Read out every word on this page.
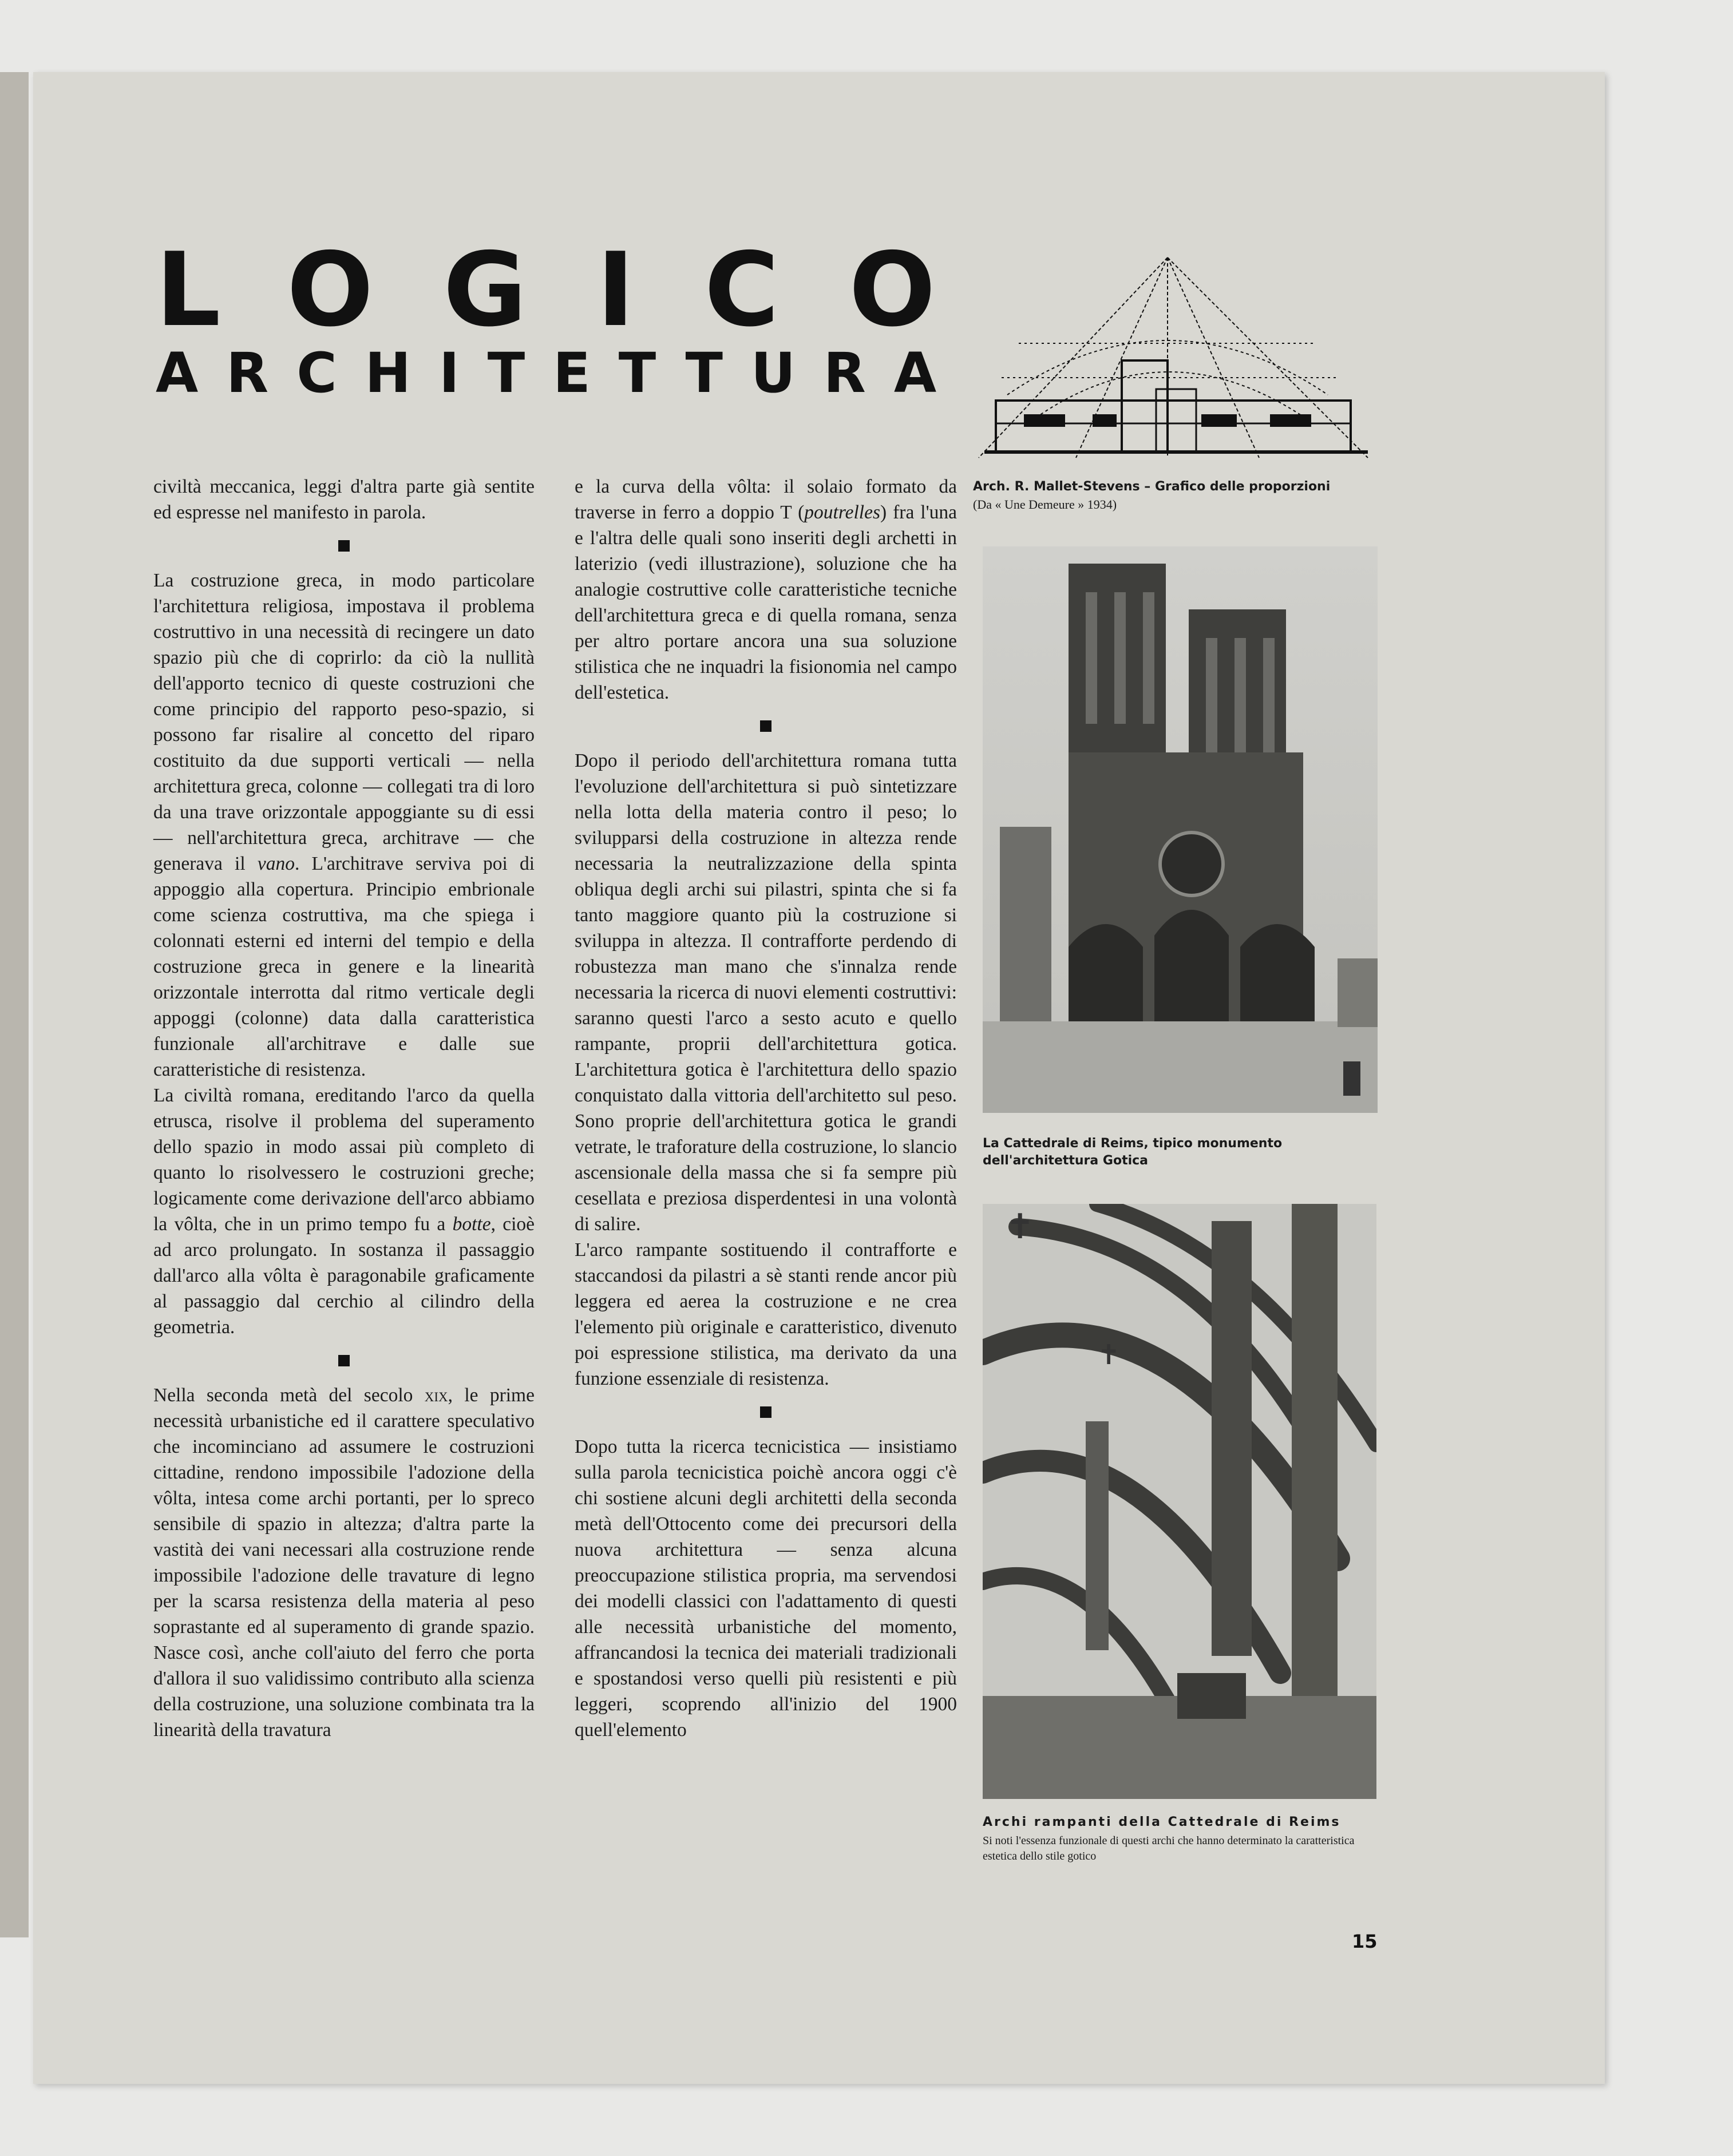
LOGICO
ARCHITETTURA

civiltà meccanica, leggi d'altra parte già sentite ed espresse nel manifesto in parola.

La costruzione greca, in modo particolare l'architettura religiosa, impostava il problema costruttivo in una necessità di recingere un dato spazio più che di coprirlo: da ciò la nullità dell'apporto tecnico di queste costruzioni che come principio del rapporto peso-spazio, si possono far risalire al concetto del riparo costituito da due supporti verticali — nella architettura greca, colonne — collegati tra di loro da una trave orizzontale appoggiante su di essi — nell'architettura greca, architrave — che generava il vano. L'architrave serviva poi di appoggio alla copertura. Principio embrionale come scienza costruttiva, ma che spiega i colonnati esterni ed interni del tempio e della costruzione greca in genere e la linearità orizzontale interrotta dal ritmo verticale degli appoggi (colonne) data dalla caratteristica funzionale all'architrave e dalle sue caratteristiche di resistenza.

La civiltà romana, ereditando l'arco da quella etrusca, risolve il problema del superamento dello spazio in modo assai più completo di quanto lo risolvessero le costruzioni greche; logicamente come derivazione dell'arco abbiamo la vôlta, che in un primo tempo fu a botte, cioè ad arco prolungato. In sostanza il passaggio dall'arco alla vôlta è paragonabile graficamente al passaggio dal cerchio al cilindro della geometria.

Nella seconda metà del secolo xix, le prime necessità urbanistiche ed il carattere speculativo che incominciano ad assumere le costruzioni cittadine, rendono impossibile l'adozione della vôlta, intesa come archi portanti, per lo spreco sensibile di spazio in altezza; d'altra parte la vastità dei vani necessari alla costruzione rende impossibile l'adozione delle travature di legno per la scarsa resistenza della materia al peso soprastante ed al superamento di grande spazio. Nasce così, anche coll'aiuto del ferro che porta d'allora il suo validissimo contributo alla scienza della costruzione, una soluzione combinata tra la linearità della travatura

e la curva della vôlta: il solaio formato da traverse in ferro a doppio T (poutrelles) fra l'una e l'altra delle quali sono inseriti degli archetti in laterizio (vedi illustrazione), soluzione che ha analogie costruttive colle caratteristiche tecniche dell'architettura greca e di quella romana, senza per altro portare ancora una sua soluzione stilistica che ne inquadri la fisionomia nel campo dell'estetica.

Dopo il periodo dell'architettura romana tutta l'evoluzione dell'architettura si può sintetizzare nella lotta della materia contro il peso; lo svilupparsi della costruzione in altezza rende necessaria la neutralizzazione della spinta obliqua degli archi sui pilastri, spinta che si fa tanto maggiore quanto più la costruzione si sviluppa in altezza. Il contrafforte perdendo di robustezza man mano che s'innalza rende necessaria la ricerca di nuovi elementi costruttivi: saranno questi l'arco a sesto acuto e quello rampante, proprii dell'architettura gotica. L'architettura gotica è l'architettura dello spazio conquistato dalla vittoria dell'architetto sul peso. Sono proprie dell'architettura gotica le grandi vetrate, le traforature della costruzione, lo slancio ascensionale della massa che si fa sempre più cesellata e preziosa disperdentesi in una volontà di salire.

L'arco rampante sostituendo il contrafforte e staccandosi da pilastri a sè stanti rende ancor più leggera ed aerea la costruzione e ne crea l'elemento più originale e caratteristico, divenuto poi espressione stilistica, ma derivato da una funzione essenziale di resistenza.

Dopo tutta la ricerca tecnicistica — insistiamo sulla parola tecnicistica poichè ancora oggi c'è chi sostiene alcuni degli architetti della seconda metà dell'Ottocento come dei precursori della nuova architettura — senza alcuna preoccupazione stilistica propria, ma servendosi dei modelli classici con l'adattamento di questi alle necessità urbanistiche del momento, affrancandosi la tecnica dei materiali tradizionali e spostandosi verso quelli più resistenti e più leggeri, scoprendo all'inizio del 1900 quell'elemento

Arch. R. Mallet-Stevens – Grafico delle proporzioni
(Da « Une Demeure » 1934)
La Cattedrale di Reims, tipico monumento dell'architettura Gotica
✝
✝
Archi rampanti della Cattedrale di Reims
Si noti l'essenza funzionale di questi archi che hanno determinato la caratteristica estetica dello stile gotico
15
